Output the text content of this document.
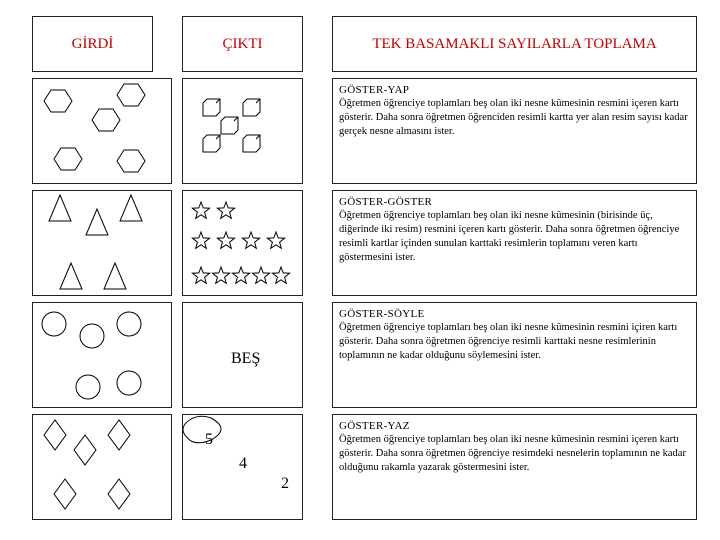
GİRDİ	ÇIKTI	TEK BASAMAKLI SAYILARLA TOPLAMA
GÖSTER-YAP
Öğretmen öğrenciye toplamları beş olan iki nesne kümesinin resmini içeren kartı gösterir. Daha sonra öğretmen öğrenciden resimli kartta yer alan resim sayısı kadar gerçek nesne almasını ister.
GÖSTER-GÖSTER
Öğretmen öğrenciye toplamları beş olan iki nesne kümesinin (birisinde üç, diğerinde iki resim) resmini içeren kartı gösterir. Daha sonra öğretmen öğrenciye resimli kartlar içinden sunulan karttaki resimlerin toplamını veren kartı göstermesini ister.
BEŞ
GÖSTER-SÖYLE
Öğretmen öğrenciye toplamları beş olan iki nesne kümesinin resmini içiren kartı gösterir. Daha sonra öğretmen öğrenciye resimli karttaki nesne resimlerinin toplamının ne kadar olduğunu söylemesini ister.
5
4
2
GÖSTER-YAZ
Öğretmen öğrenciye toplamları beş olan iki nesne kümesinin resmini içeren kartı gösterir. Daha sonra öğretmen öğrenciye resimdeki nesnelerin toplamının ne kadar olduğunu rakamla yazarak göstermesini ister.
